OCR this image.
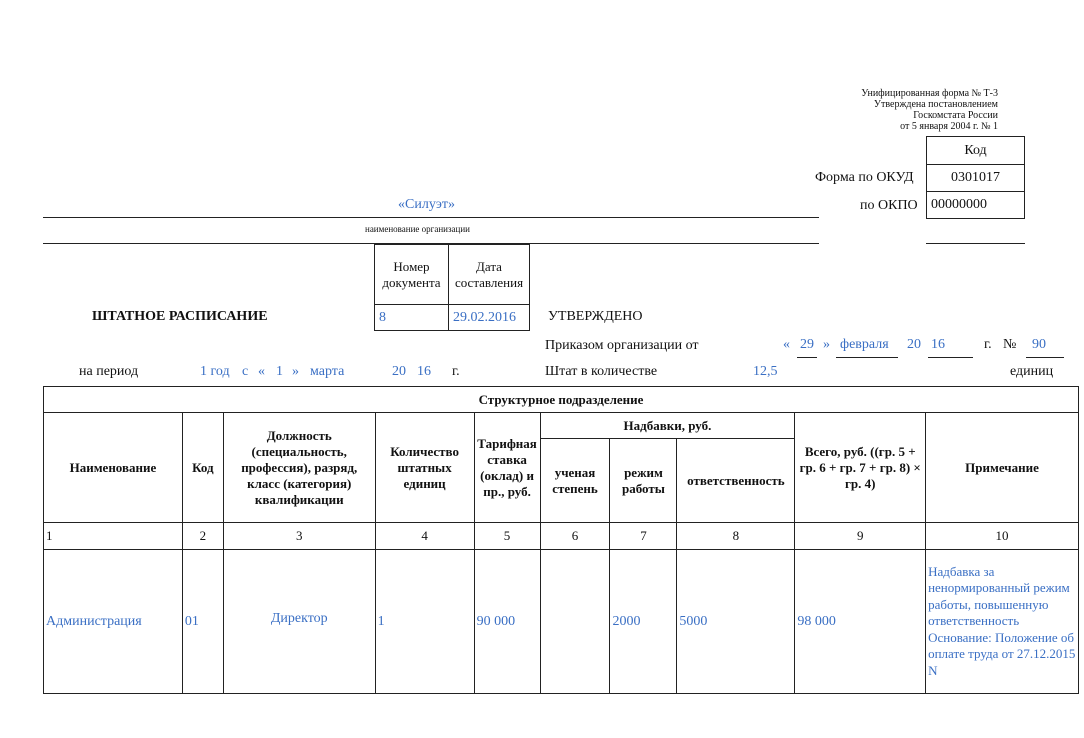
Унифицированная форма № Т-3
Утверждена постановлением
Госкомстата России
от 5 января 2004 г. № 1
Код
Форма по ОКУД	0301017
по ОКПО 00000000
«Силуэт»
наименование организации
Номер документа
Дата составления
8	29.02.2016
ШТАТНОЕ РАСПИСАНИЕ	УТВЕРЖДЕНО
Приказом организации от	« 29 » февраля 20 16	г. № 90
Штат в количестве	12,5	единиц
на период	1 год с « 1 » марта	20 16 г.
Структурное подразделение									
Наименование	Код	Должность (специальность, профессия), разряд, класс (категория) квалификации	Количество штатных единиц	Тарифная ставка (оклад) и пр., руб.	Надбавки, руб.			Всего, руб. ((гр. 5 + гр. 6 + гр. 7 + гр. 8) × гр. 4)	Примечание
					ученая степень	режим работы	ответственность		
1	2	3	4	5	6	7	8	9	10
Администрация	01	Директор	1	90 000		2000	5000	98 000	Надбавка за ненормированный режим работы, повышенную ответственность Основание: Положение об оплате труда от 27.12.2015 N
